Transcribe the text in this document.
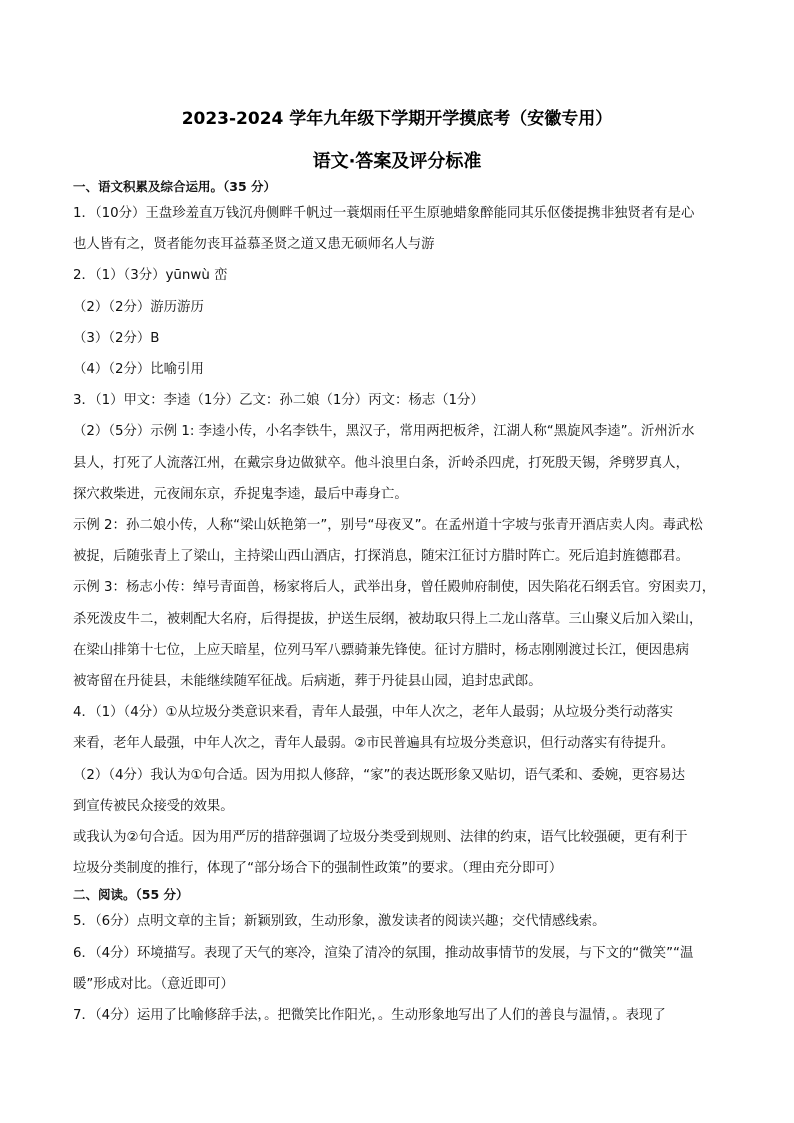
2023-2024 学年九年级下学期开学摸底考（安徽专用）
语文·答案及评分标准

一、语文积累及综合运用。（35 分）

1．（10分）王盘珍羞直万钱沉舟侧畔千帆过一蓑烟雨任平生原驰蜡象醉能同其乐伛偻提携非独贤者有是心

也人皆有之，贤者能勿丧耳益慕圣贤之道又患无硕师名人与游

2．（1）（3分）yūnwù 峦

（2）（2分）游历游历

（3）（2分）B

（4）（2分）比喻引用

3．（1）甲文：李逵（1分）乙文：孙二娘（1分）丙文：杨志（1分）

（2）（5分）示例 1: 李逵小传，小名李铁牛，黑汉子，常用两把板斧，江湖人称“黑旋风李逵”。沂州沂水

县人，打死了人流落江州，在戴宗身边做狱卒。他斗浪里白条，沂岭杀四虎，打死殷天锡，斧劈罗真人，

探穴救柴进，元夜闹东京，乔捉鬼李逵，最后中毒身亡。

示例 2：孙二娘小传，人称“梁山妖艳第一”，别号“母夜叉”。在孟州道十字坡与张青开酒店卖人肉。毒武松

被捉，后随张青上了梁山，主持梁山西山酒店，打探消息，随宋江征讨方腊时阵亡。死后追封旌德郡君。

示例 3：杨志小传：绰号青面兽，杨家将后人，武举出身，曾任殿帅府制使，因失陷花石纲丢官。穷困卖刀，

杀死泼皮牛二，被刺配大名府，后得提拔，护送生辰纲，被劫取只得上二龙山落草。三山聚义后加入梁山，

在梁山排第十七位，上应天暗星，位列马军八骠骑兼先锋使。征讨方腊时，杨志刚刚渡过长江，便因患病

被寄留在丹徒县，未能继续随军征战。后病逝，葬于丹徒县山园，追封忠武郎。

4．（1）（4分）①从垃圾分类意识来看，青年人最强，中年人次之，老年人最弱；从垃圾分类行动落实

来看，老年人最强，中年人次之，青年人最弱。②市民普遍具有垃圾分类意识，但行动落实有待提升。

（2）（4分）我认为①句合适。因为用拟人修辞，“家”的表达既形象又贴切，语气柔和、委婉，更容易达

到宣传被民众接受的效果。

或我认为②句合适。因为用严厉的措辞强调了垃圾分类受到规则、法律的约束，语气比较强硬，更有利于

垃圾分类制度的推行，体现了“部分场合下的强制性政策”的要求。（理由充分即可）

二、阅读。（55 分）

5．（6分）点明文章的主旨；新颖别致，生动形象，激发读者的阅读兴趣；交代情感线索。

6．（4分）环境描写。表现了天气的寒冷，渲染了清冷的氛围，推动故事情节的发展，与下文的“微笑”“温

暖”形成对比。（意近即可）

7．（4分）运用了比喻修辞手法，。把微笑比作阳光，。生动形象地写出了人们的善良与温情，。表现了
